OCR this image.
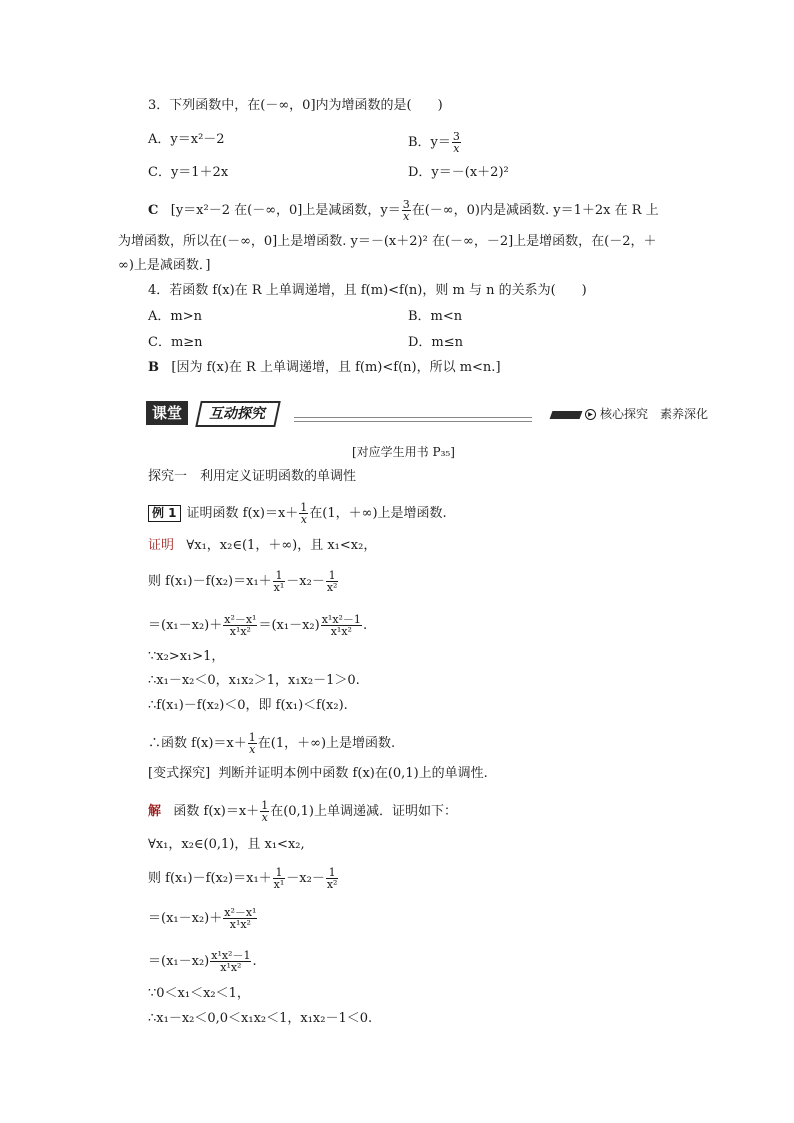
3．下列函数中，在(－∞，0]内为增函数的是(　　)
A．y＝x²－2	B．$y= \frac{3}{x}$
C．y＝1＋2x	D．y＝－(x＋2)²
C [y＝x²－2 在(－∞，0]上是减函数，$y= \frac{3}{x}$ 在(－∞，0)内是减函数. y＝1＋2x 在 R 上
为增函数，所以在(－∞，0]上是增函数. y＝－(x＋2)² 在(－∞，－2]上是增函数，在(－2，＋
∞)上是减函数．]
4．若函数 f(x)在 R 上单调递增，且 f(m)<f(n)，则 m 与 n 的关系为(　　)
A．m>n	B．m<n
C．m≥n	D．m≤n
B [因为 f(x)在 R 上单调递增，且 f(m)<f(n)，所以 m<n.]
课堂	互动探究	▶ 核心探究　素养深化
[对应学生用书 P₃₅]
探究一　利用定义证明函数的单调性
例 1 证明函数 $f(x)=x+ \frac{1}{x}$ 在(1，＋∞)上是增函数.
证明 ∀x₁，x₂∈(1，＋∞)，且 x₁<x₂，
则 $f(x_1)-f(x_2)=x_1+ \frac{1}{\text{x¹}} -x_2- \frac{1}{\text{x²}}$
$=(x_1-x_2)+ \frac{\text{x²－x¹}}{\text{x¹x²}} =(x_1-x_2) \frac{\text{x¹x²－1}}{\text{x¹x²}}$ .
∵x₂>x₁>1，
∴x₁－x₂＜0，x₁x₂＞1，x₁x₂－1＞0.
∴f(x₁)－f(x₂)＜0，即 f(x₁)＜f(x₂).
∴函数 $f(x)=x+ \frac{1}{x}$ 在(1，＋∞)上是增函数.
[变式探究] 判断并证明本例中函数 f(x)在(0,1)上的单调性.
解 函数 $f(x)=x+ \frac{1}{x}$ 在(0,1)上单调递减．证明如下：
∀x₁，x₂∈(0,1)，且 x₁<x₂,
则 $f(x_1)-f(x_2)=x_1+ \frac{1}{\text{x¹}} -x_2- \frac{1}{\text{x²}}$
$=(x_1-x_2)+ \frac{\text{x²－x¹}}{\text{x¹x²}}$
$=(x_1-x_2) \frac{\text{x¹x²－1}}{\text{x¹x²}}$ .
∵0＜x₁＜x₂＜1，
∴x₁－x₂＜0,0＜x₁x₂＜1，x₁x₂－1＜0.
